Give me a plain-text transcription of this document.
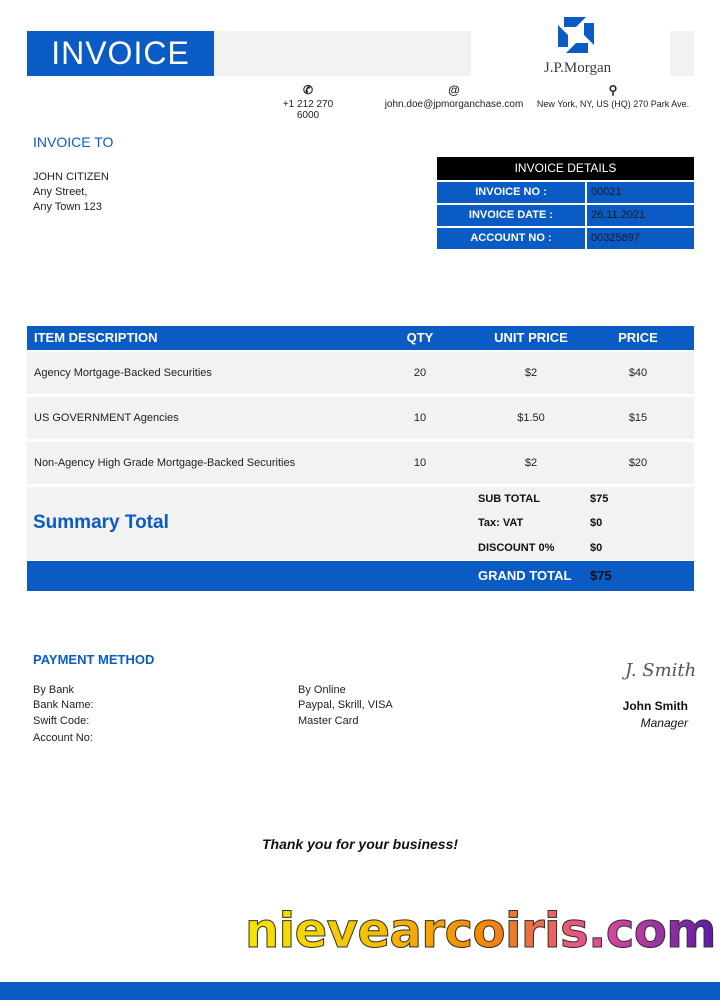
INVOICE	J.P.Morgan
✆
+1 212 270 6000
@
john.doe@jpmorganchase.com
⚲
New York, NY, US (HQ) 270 Park Ave.
INVOICE TO
JOHN CITIZEN
Any Street,
Any Town 123
INVOICE DETAILS
INVOICE NO :	00021
INVOICE DATE :	26.11.2021
ACCOUNT NO :	00325897
ITEM DESCRIPTION	QTY	UNIT PRICE	PRICE
Agency Mortgage-Backed Securities	20	$2	$40
US GOVERNMENT Agencies	10	$1.50	$15
Non-Agency High Grade Mortgage-Backed Securities	10	$2	$20
Summary Total
SUB TOTAL	$75
Tax: VAT	$0
DISCOUNT 0%	$0
GRAND TOTAL $75
PAYMENT METHOD
By Bank
Bank Name:
Swift Code:
Account No:
By Online
Paypal, Skrill, VISA
Master Card
J. Smith
John Smith
Manager
Thank you for your business!
nievearcoiris.com
